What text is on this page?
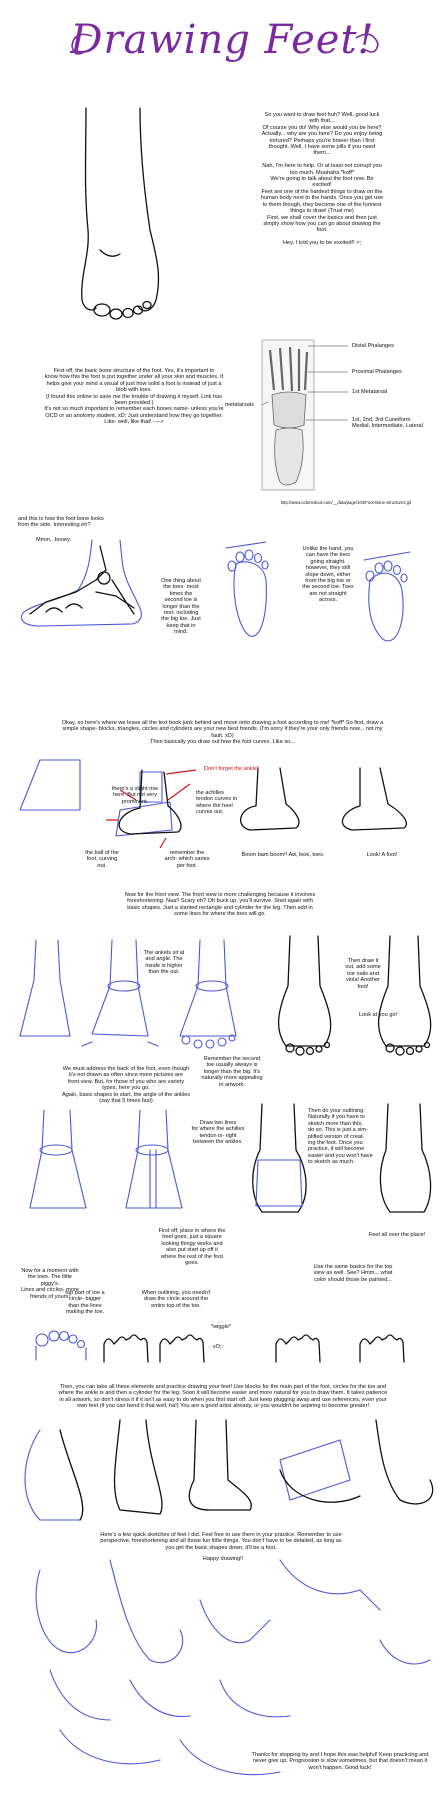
Drawing Feet!
So you want to draw feet huh? Well, good luck
with that...
Of course you do! Why else would you be here?
Actually... why are you here? Do you enjoy being
tortured? Perhaps you're braver than I first
thought. Well, I have some pills if you need
them...

Nah, I'm here to help. Or at least not corrupt you
too much. Muahaha *koff*
We're going to talk about the foot now. Be
excited!
Feet are one of the hardest things to draw on the
human body next to the hands. Once you get use
to them though, they become one of the funnest
things to draw! (Trust me)
First, we shall cover the basics and then just
simply show how you can go about drawing the
foot.

Hey, I told you to be excited!! >;
First off, the basic bone structure of the foot. Yes, it's important to
know how this the foot is put together under all your skin and muscles. It
helps give your mind a visual of just how solid a foot is instead of just a
blob with toes.
(I found this online to save me the trouble of drawing it myself. Link has
been provided.)
It's not so much important to remember each bones name- unless you're
OCD or an anotomy student. xD; Just understand how they go together.
Like- well, like that! ---->
Distal Phalanges
Proximal Phalanges
1st Metatarsal
metatarsals
1st, 2nd, 3rd Cuneiform
Medial, Intermediate, Lateral
http://www.ucbmedical.com/__data/page/104/Foot-Bone-Structure3.gif
and this is how the foot bone looks
from the side. Interesting eh?
Mmm.. boney.
One thing about
the toes- most
times the
second toe is
longer than the
rest- including
the big toe. Just
keep that in
mind.
Unlike the hand, you
can have the toes
going straight.
however, they still
slope down, either
from the big toe or
the second toe. Toes
are not straight
across.
Okay, so here's where we leave all the text book junk behind and move onto drawing a foot according to me! *koff* So first, draw a
simple shape- blocks, triangles, circles and cylinders are your new best friends. (I'm sorry if they're your only friends now... not my
fault. xD)
Then basically you draw out how the foot curves. Like so...
Don't forget the ankle!
there's a slight rise
here. But not very
prominent.
the achilles
tendon curves in
where the heel
curves out.
the ball of the
foot, curving
out.
remember the
arch- which varies
per foot.
Boom bam boom!! Aw, look, toes.	Look! A foot!
Now for the front view. The front view is more challenging because it involves
foreshortening. Naa!! Scary eh? Oh buck up, you'll survive. Start again with
basic shapes. Just a slanted rectangle and cylinder for the leg. Then add in
some lines for where the toes will go.
The ankels sit at
and angle. The
inside is higher
than the out.
Remember the second
toe usually always is
longer than the big. It's
naturally more appealing
in artwork.
Then draw it
out, add some
toe nails and
viola! Another
foot!
Look at you go!
We must address the back of the foot, even though
it's not drawn as often since more pictures are
front view. But, for those of you who are variety
types, here you go.
Again, basic shapes to start, the angle of the ankles
(say that 5 times fast)
Draw two lines
for where the achilles
tendon is- right
between the ankles.
First off, place in where the
heel goes, just a square
looking thingy works and
also put start up off it
where the rest of the foot
goes.
Then do your outlining.
Naturally if you have to
sketch more than this,
do so. This is just a sim-
plified version of creat-
ing the foot. Once you
practice, it will become
easier and you won't have
to sketch as much.
Feet all over the place!
Now for a moment with
the toes. The little
piggy's.
Lines and circles- more
friends of yours!
top part of toe a
circle- bigger
than the lines
making the toe.
When outlining, you needn't
draw the circle around the
entire top of the toe.
*wiggle*
xO;;
Use the same basics for the top
view as well. See? Hmm... what
color should those be painted...
Then, you can take all these elements and practice drawing your feet! Use blocks for the main part of the foot, circles for the toe and
where the ankle is and then a cylinder for the leg. Soon it will become easier and more natural for you to draw them. It takes patience
in all artwork, so don't stress it if it isn't as easy to do when you first start off. Just keep plugging away and use references, even your
own feet (if you can bend it that well, ha!) You are a good artist already, or you wouldn't be aspiring to become greater!
Here's a few quick sketches of feet I did. Feel free to use them in your practice. Remember to use
perspective, foreshortening and all those fun little things. You don't have to be detailed, as long as
you get the basic shapes down, it'll be a foot.
Happy drawing!!
Thanks for stopping by and I hope this was helpful! Keep practicing and
never give up. Progression is slow sometimes, but that doesn't mean it
won't happen. Good luck!
